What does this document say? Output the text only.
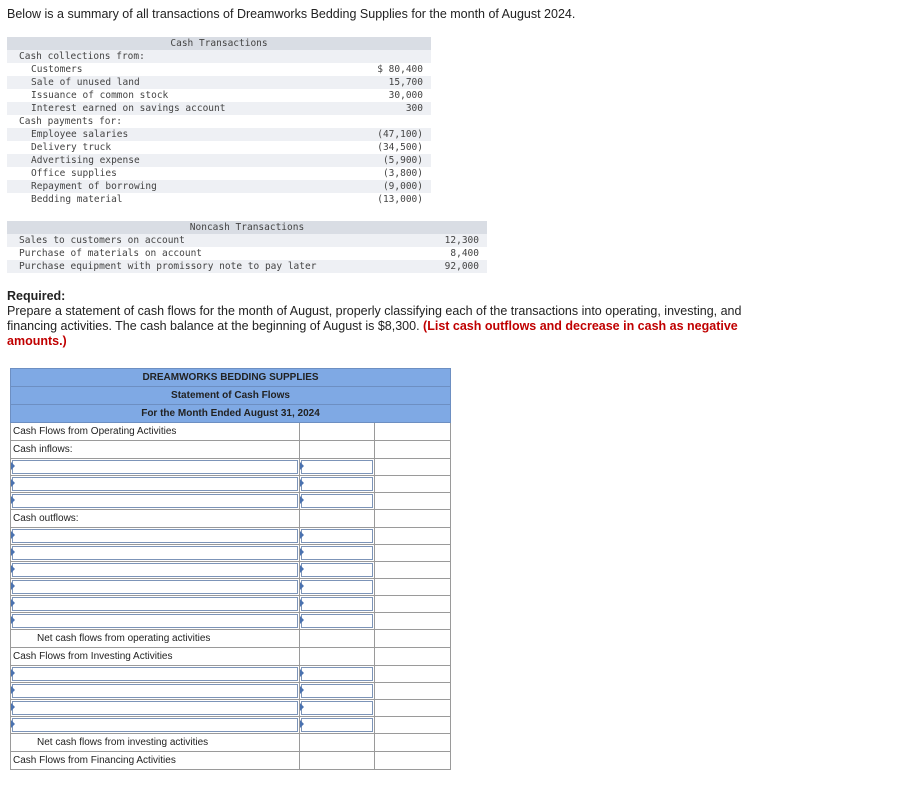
Below is a summary of all transactions of Dreamworks Bedding Supplies for the month of August 2024.
Cash Transactions	
Cash collections from:	
Customers	$ 80,400
Sale of unused land	15,700
Issuance of common stock	30,000
Interest earned on savings account	300
Cash payments for:	
Employee salaries	(47,100)
Delivery truck	(34,500)
Advertising expense	(5,900)
Office supplies	(3,800)
Repayment of borrowing	(9,000)
Bedding material	(13,000)
Noncash Transactions	
Sales to customers on account	12,300
Purchase of materials on account	8,400
Purchase equipment with promissory note to pay later	92,000
Required:
Prepare a statement of cash flows for the month of August, properly classifying each of the transactions into operating, investing, and financing activities. The cash balance at the beginning of August is $8,300. (List cash outflows and decrease in cash as negative amounts.)
DREAMWORKS BEDDING SUPPLIES		
Statement of Cash Flows		
For the Month Ended August 31, 2024		
Cash Flows from Operating Activities		
Cash inflows:		

Cash outflows:		

Net cash flows from operating activities		
Cash Flows from Investing Activities		

Net cash flows from investing activities		
Cash Flows from Financing Activities		
